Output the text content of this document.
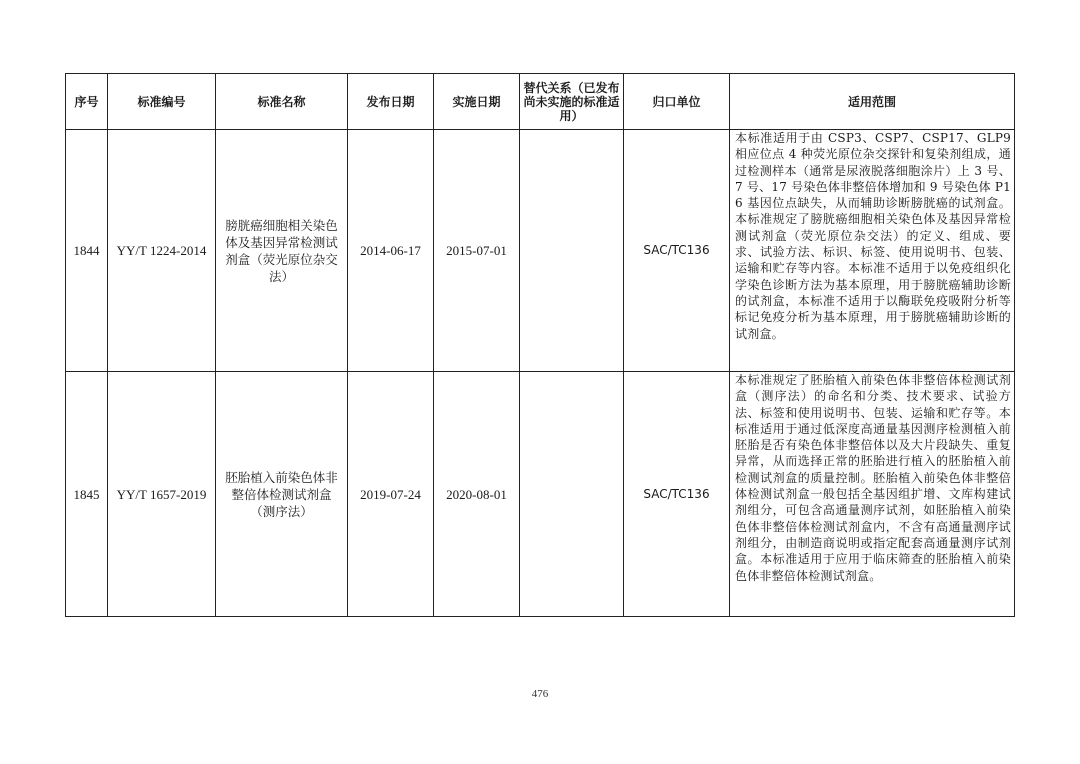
序号	标准编号	标准名称	发布日期	实施日期	替代关系（已发布尚未实施的标准适用）	归口单位	适用范围
1844	YY/T 1224-2014	膀胱癌细胞相关染色体及基因异常检测试剂盒（荧光原位杂交法）	2014-06-17	2015-07-01		SAC/TC136	本标准适用于由 CSP3、CSP7、CSP17、GLP9 相应位点 4 种荧光原位杂交探针和复染剂组成，通过检测样本（通常是尿液脱落细胞涂片）上 3 号、7 号、17 号染色体非整倍体增加和 9 号染色体 P16 基因位点缺失，从而辅助诊断膀胱癌的试剂盒。本标准规定了膀胱癌细胞相关染色体及基因异常检测试剂盒（荧光原位杂交法）的定义、组成、要求、试验方法、标识、标签、使用说明书、包装、运输和贮存等内容。本标准不适用于以免疫组织化学染色诊断方法为基本原理，用于膀胱癌辅助诊断的试剂盒，本标准不适用于以酶联免疫吸附分析等标记免疫分析为基本原理，用于膀胱癌辅助诊断的试剂盒。
1845	YY/T 1657-2019	胚胎植入前染色体非整倍体检测试剂盒（测序法）	2019-07-24	2020-08-01		SAC/TC136	本标准规定了胚胎植入前染色体非整倍体检测试剂盒（测序法）的命名和分类、技术要求、试验方法、标签和使用说明书、包装、运输和贮存等。本标准适用于通过低深度高通量基因测序检测植入前胚胎是否有染色体非整倍体以及大片段缺失、重复异常，从而选择正常的胚胎进行植入的胚胎植入前检测试剂盒的质量控制。胚胎植入前染色体非整倍体检测试剂盒一般包括全基因组扩增、文库构建试剂组分，可包含高通量测序试剂，如胚胎植入前染色体非整倍体检测试剂盒内，不含有高通量测序试剂组分，由制造商说明或指定配套高通量测序试剂盒。本标准适用于应用于临床筛查的胚胎植入前染色体非整倍体检测试剂盒。
476
